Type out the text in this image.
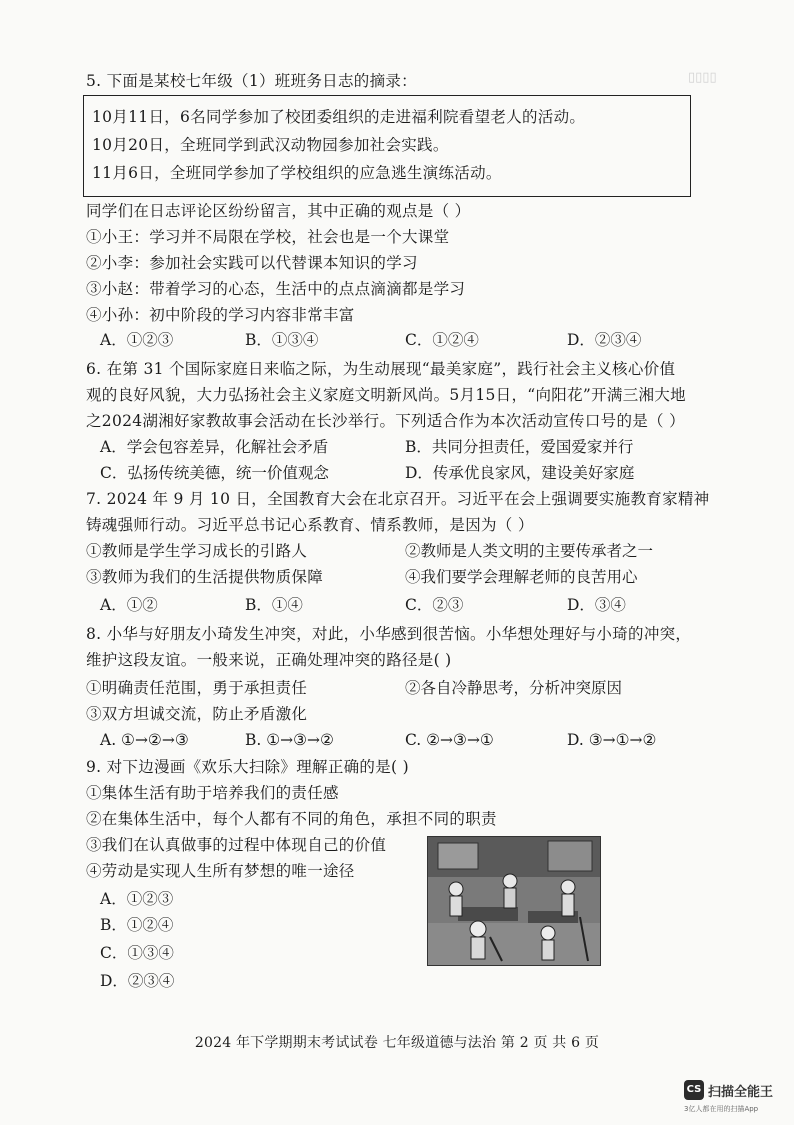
▯▯▯▯
5. 下面是某校七年级（1）班班务日志的摘录：
10月11日，6名同学参加了校团委组织的走进福利院看望老人的活动。
10月20日，全班同学到武汉动物园参加社会实践。
11月6日，全班同学参加了学校组织的应急逃生演练活动。
同学们在日志评论区纷纷留言，其中正确的观点是（ ）
①小王：学习并不局限在学校，社会也是一个大课堂
②小李：参加社会实践可以代替课本知识的学习
③小赵：带着学习的心态，生活中的点点滴滴都是学习
④小孙：初中阶段的学习内容非常丰富
A．①②③	B．①③④	C．①②④	D．②③④
6. 在第 31 个国际家庭日来临之际，为生动展现“最美家庭”，践行社会主义核心价值
观的良好风貌，大力弘扬社会主义家庭文明新风尚。5月15日，“向阳花”开满三湘大地
之2024湖湘好家教故事会活动在长沙举行。下列适合作为本次活动宣传口号的是（ ）
A．学会包容差异，化解社会矛盾	B．共同分担责任，爱国爱家并行
C．弘扬传统美德，统一价值观念	D．传承优良家风，建设美好家庭
7. 2024 年 9 月 10 日，全国教育大会在北京召开。习近平在会上强调要实施教育家精神
铸魂强师行动。习近平总书记心系教育、情系教师，是因为（ ）
①教师是学生学习成长的引路人	②教师是人类文明的主要传承者之一
③教师为我们的生活提供物质保障	④我们要学会理解老师的良苦用心
A．①②	B．①④	C．②③	D．③④
8. 小华与好朋友小琦发生冲突，对此，小华感到很苦恼。小华想处理好与小琦的冲突，
维护这段友谊。一般来说，正确处理冲突的路径是( )
①明确责任范围，勇于承担责任	②各自冷静思考，分析冲突原因
③双方坦诚交流，防止矛盾激化
A. ①→②→③	B. ①→③→②	C. ②→③→①	D. ③→①→②
9. 对下边漫画《欢乐大扫除》理解正确的是( )
①集体生活有助于培养我们的责任感
②在集体生活中，每个人都有不同的角色，承担不同的职责
③我们在认真做事的过程中体现自己的价值
④劳动是实现人生所有梦想的唯一途径
A．①②③
B．①②④
C．①③④
D．②③④
2024 年下学期期末考试试卷 七年级道德与法治 第 2 页 共 6 页
CS 扫描全能王
3亿人都在用的扫描App
